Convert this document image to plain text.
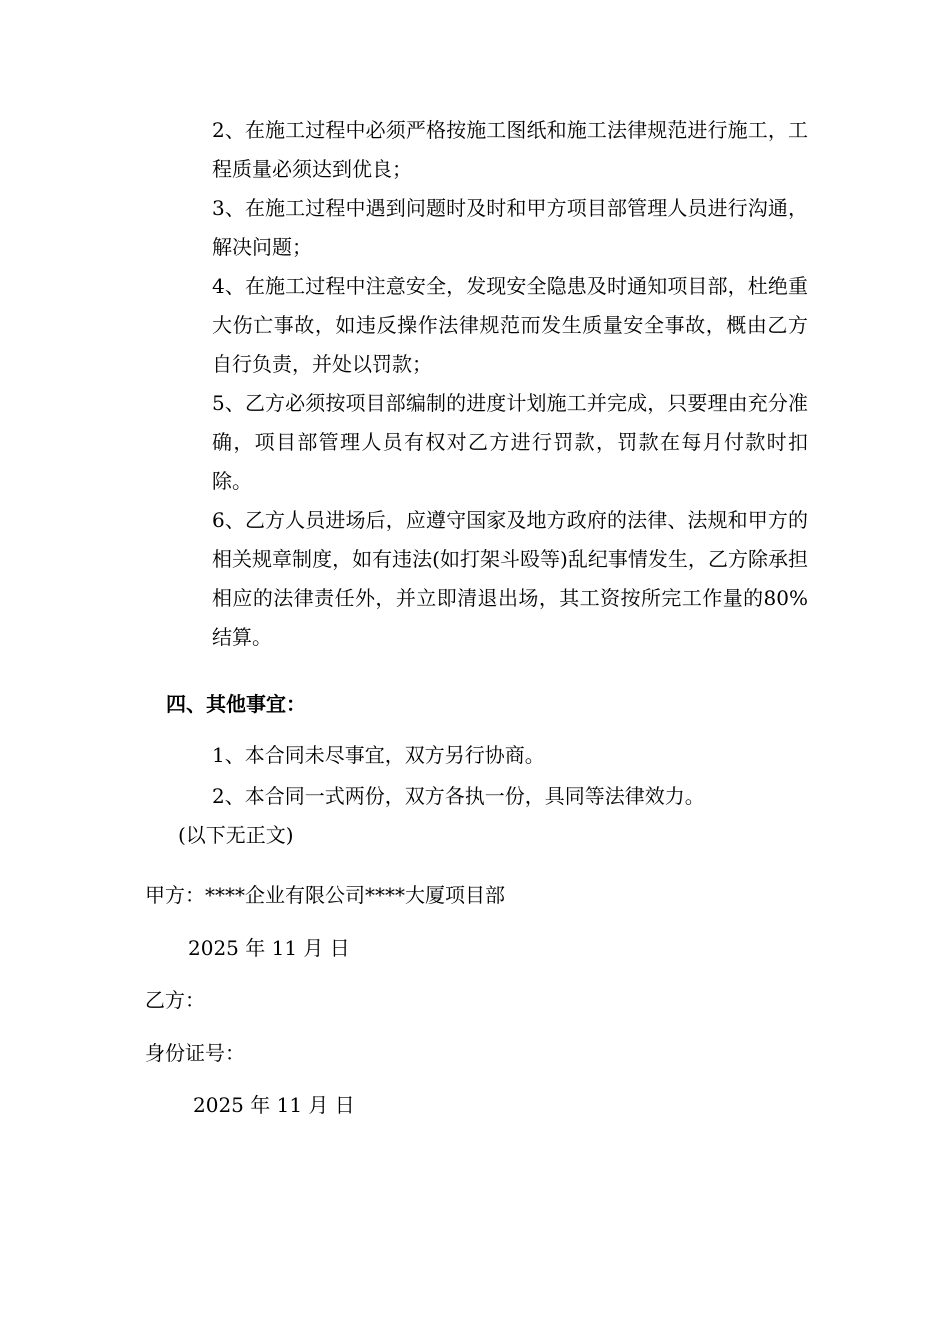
2、在施工过程中必须严格按施工图纸和施工法律规范进行施工，工程质量必须达到优良；

3、在施工过程中遇到问题时及时和甲方项目部管理人员进行沟通，解决问题；

4、在施工过程中注意安全，发现安全隐患及时通知项目部，杜绝重大伤亡事故，如违反操作法律规范而发生质量安全事故，概由乙方自行负责，并处以罚款；

5、乙方必须按项目部编制的进度计划施工并完成，只要理由充分准确，项目部管理人员有权对乙方进行罚款，罚款在每月付款时扣除。

6、乙方人员进场后，应遵守国家及地方政府的法律、法规和甲方的相关规章制度，如有违法(如打架斗殴等)乱纪事情发生，乙方除承担相应的法律责任外，并立即清退出场，其工资按所完工作量的80%结算。

四、其他事宜：

1、本合同未尽事宜，双方另行协商。

2、本合同一式两份，双方各执一份，具同等法律效力。

(以下无正文)

甲方：****企业有限公司****大厦项目部

2025 年 11 月 日

乙方：

身份证号：

2025 年 11 月 日
